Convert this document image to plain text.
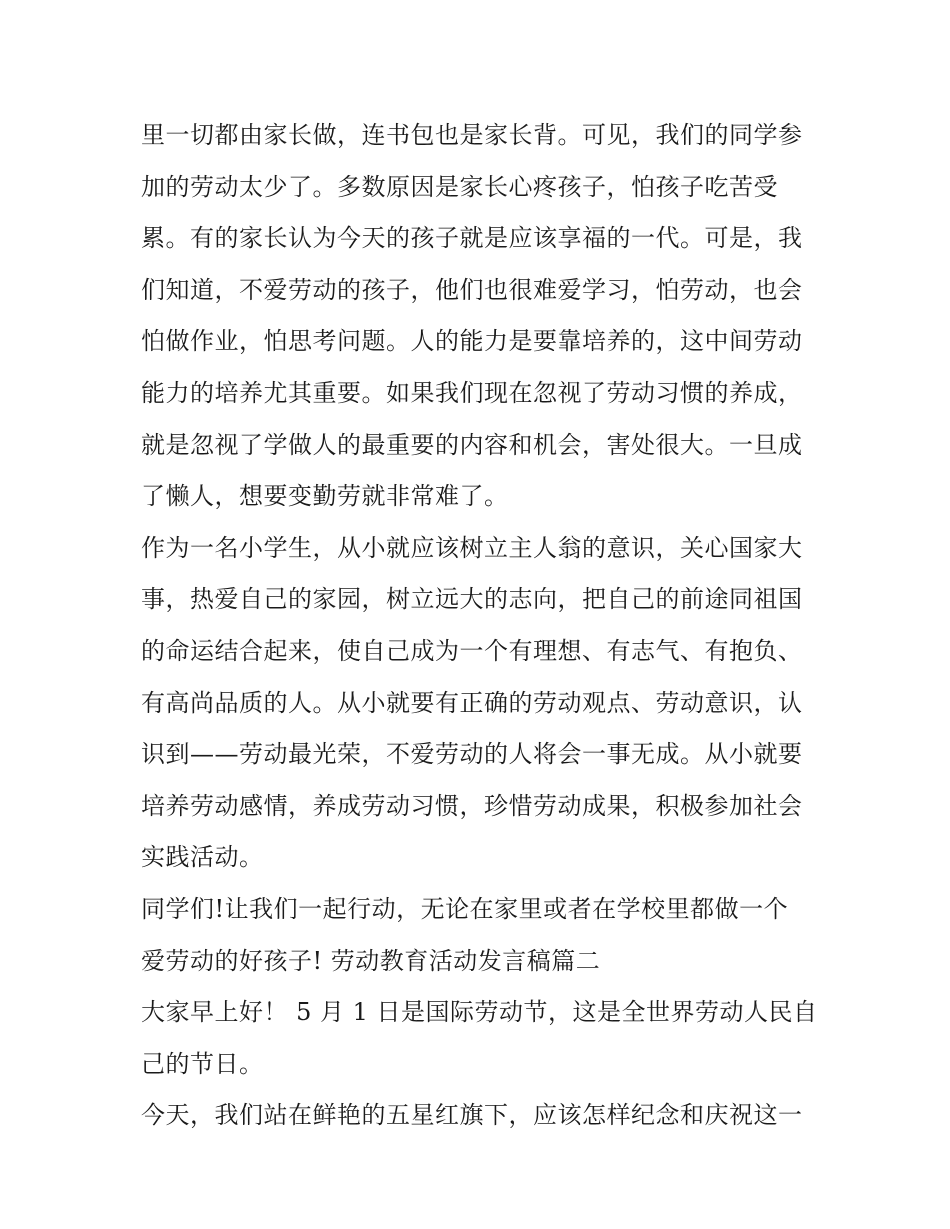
里一切都由家长做，连书包也是家长背。可见，我们的同学参
加的劳动太少了。多数原因是家长心疼孩子，怕孩子吃苦受
累。有的家长认为今天的孩子就是应该享福的一代。可是，我
们知道，不爱劳动的孩子，他们也很难爱学习，怕劳动，也会
怕做作业，怕思考问题。人的能力是要靠培养的，这中间劳动
能力的培养尤其重要。如果我们现在忽视了劳动习惯的养成，
就是忽视了学做人的最重要的内容和机会，害处很大。一旦成
了懒人，想要变勤劳就非常难了。
作为一名小学生，从小就应该树立主人翁的意识，关心国家大
事，热爱自己的家园，树立远大的志向，把自己的前途同祖国
的命运结合起来，使自己成为一个有理想、有志气、有抱负、
有高尚品质的人。从小就要有正确的劳动观点、劳动意识，认
识到——劳动最光荣，不爱劳动的人将会一事无成。从小就要
培养劳动感情，养成劳动习惯，珍惜劳动成果，积极参加社会
实践活动。
同学们!让我们一起行动，无论在家里或者在学校里都做一个
爱劳动的好孩子! 劳动教育活动发言稿篇二
大家早上好！ 5 月 1 日是国际劳动节，这是全世界劳动人民自
己的节日。
今天，我们站在鲜艳的五星红旗下，应该怎样纪念和庆祝这一
